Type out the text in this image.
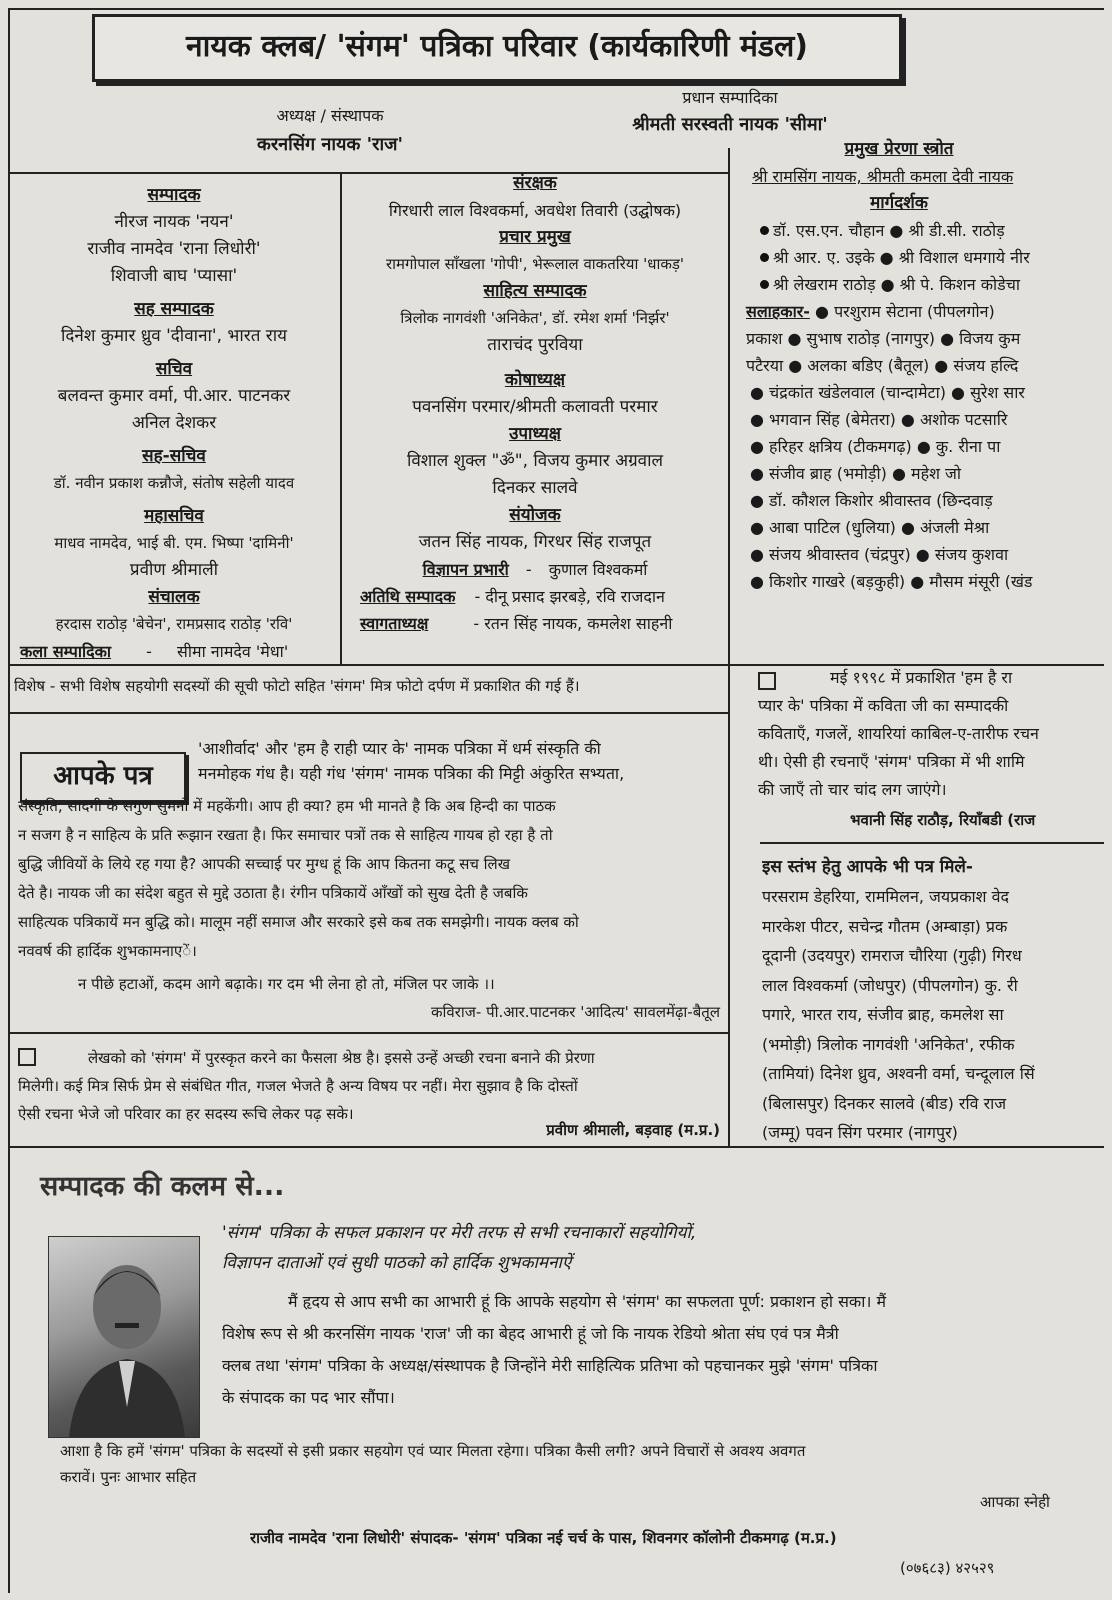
नायक क्लब/ 'संगम' पत्रिका परिवार (कार्यकारिणी मंडल)
अध्यक्ष / संस्थापक
करनसिंग नायक 'राज'
प्रधान सम्पादिका
श्रीमती सरस्वती नायक 'सीमा'
सम्पादक
नीरज नायक 'नयन'
राजीव नामदेव 'राना लिधोरी'
शिवाजी बाघ 'प्यासा'
सह सम्पादक
दिनेश कुमार ध्रुव 'दीवाना', भारत राय
सचिव
बलवन्त कुमार वर्मा, पी.आर. पाटनकर
अनिल देशकर
सह-सचिव
डॉ. नवीन प्रकाश कन्नौजे, संतोष सहेली यादव
महासचिव
माधव नामदेव, भाई बी. एम. भिष्पा 'दामिनी'
प्रवीण श्रीमाली
संचालक
हरदास राठोड़ 'बेचेन', रामप्रसाद राठोड़ 'रवि'
कला सम्पादिका - सीमा नामदेव 'मेधा'
संरक्षक
गिरधारी लाल विश्वकर्मा, अवधेश तिवारी (उद्घोषक)
प्रचार प्रमुख
रामगोपाल साँखला 'गोपी', भेरूलाल वाकतरिया 'धाकड़'
साहित्य सम्पादक
त्रिलोक नागवंशी 'अनिकेत', डॉ. रमेश शर्मा 'निर्झर'
ताराचंद पुरविया
कोषाध्यक्ष
पवनसिंग परमार/श्रीमती कलावती परमार
उपाध्यक्ष
विशाल शुक्ल "ॐ", विजय कुमार अग्रवाल
दिनकर सालवे
संयोजक
जतन सिंह नायक, गिरधर सिंह राजपूत
विज्ञापन प्रभारी - कुणाल विश्वकर्मा
अतिथि सम्पादक - दीनू प्रसाद झरबड़े, रवि राजदान
स्वागताध्यक्ष	- रतन सिंह नायक, कमलेश साहनी
प्रमुख प्रेरणा स्त्रोत
श्री रामसिंग नायक, श्रीमती कमला देवी नायक
मार्गदर्शक
डॉ. एस.एन. चौहान ● श्री डी.सी. राठोड़
श्री आर. ए. उइके ● श्री विशाल धमगाये नीर
श्री लेखराम राठोड़ ● श्री पे. किशन कोडेचा
सलाहकार- ● परशुराम सेटाना (पीपलगोन)
प्रकाश ● सुभाष राठोड़ (नागपुर) ● विजय कुम
पटैरया ● अलका बडिए (बैतूल) ● संजय हल्दि
● चंद्रकांत खंडेलवाल (चान्दामेटा) ● सुरेश सार
● भगवान सिंह (बेमेतरा) ● अशोक पटसारि
● हरिहर क्षत्रिय (टीकमगढ़) ● कु. रीना पा
● संजीव ब्राह (भमोड़ी) ● महेश जो
● डॉ. कौशल किशोर श्रीवास्तव (छिन्दवाड़
● आबा पाटिल (धुलिया) ● अंजली मेश्रा
● संजय श्रीवास्तव (चंद्रपुर) ● संजय कुशवा
● किशोर गाखरे (बड़कुही) ● मौसम मंसूरी (खंड
विशेष - सभी विशेष सहयोगी सदस्यों की सूची फोटो सहित 'संगम' मित्र फोटो दर्पण में प्रकाशित की गई हैं।
आपके पत्र

'आशीर्वाद' और 'हम है राही प्यार के' नामक पत्रिका में धर्म संस्कृति की

मनमोहक गंध है। यही गंध 'संगम' नामक पत्रिका की मिट्टी अंकुरित सभ्यता,

संस्कृति, सादगी के सगुण सुमनों में महकेंगी। आप ही क्या? हम भी मानते है कि अब हिन्दी का पाठक

न सजग है न साहित्य के प्रति रूझान रखता है। फिर समाचार पत्रों तक से साहित्य गायब हो रहा है तो

बुद्धि जीवियों के लिये रह गया है? आपकी सच्चाई पर मुग्ध हूं कि आप कितना कटू सच लिख

देते है। नायक जी का संदेश बहुत से मुद्दे उठाता है। रंगीन पत्रिकायें आँखों को सुख देती है जबकि

साहित्यक पत्रिकायें मन बुद्धि को। मालूम नहीं समाज और सरकारे इसे कब तक समझेगी। नायक क्लब को

नववर्ष की हार्दिक शुभकामनाएें।

न पीछे हटाओं, कदम आगे बढ़ाके। गर दम भी लेना हो तो, मंजिल पर जाके ।।

कविराज- पी.आर.पाटनकर 'आदित्य' सावलमेंढ़ा-बैतूल

लेखको को 'संगम' में पुरस्कृत करने का फैसला श्रेष्ठ है। इससे उन्हें अच्छी रचना बनाने की प्रेरणा

मिलेगी। कई मित्र सिर्फ प्रेम से संबंधित गीत, गजल भेजते है अन्य विषय पर नहीं। मेरा सुझाव है कि दोस्तों

ऐसी रचना भेजे जो परिवार का हर सदस्य रूचि लेकर पढ़ सके।

प्रवीण श्रीमाली, बड़वाह (म.प्र.)

मई १९९८ में प्रकाशित 'हम है रा

प्यार के' पत्रिका में कविता जी का सम्पादकी

कविताएँ, गजलें, शायरियां काबिल-ए-तारीफ रचन

थी। ऐसी ही रचनाएँ 'संगम' पत्रिका में भी शामि

की जाएँ तो चार चांद लग जाएंगे।

भवानी सिंह राठौड़, रियाँबडी (राज
इस स्तंभ हेतु आपके भी पत्र मिले-

परसराम डेहरिया, राममिलन, जयप्रकाश वेद

मारकेश पीटर, सचेन्द्र गौतम (अम्बाड़ा) प्रक

दूदानी (उदयपुर) रामराज चौरिया (गुढ़ी) गिरध

लाल विश्वकर्मा (जोधपुर) (पीपलगोन) कु. री

पगारे, भारत राय, संजीव ब्राह, कमलेश सा

(भमोड़ी) त्रिलोक नागवंशी 'अनिकेत', रफीक

(तामियां) दिनेश ध्रुव, अश्वनी वर्मा, चन्दूलाल सिं

(बिलासपुर) दिनकर सालवे (बीड) रवि राज

(जम्मू) पवन सिंग परमार (नागपुर)

सम्पादक की कलम से...

'संगम' पत्रिका के सफल प्रकाशन पर मेरी तरफ से सभी रचनाकारों सहयोगियों,

विज्ञापन दाताओं एवं सुधी पाठको को हार्दिक शुभकामनाऐं

मैं हृदय से आप सभी का आभारी हूं कि आपके सहयोग से 'संगम' का सफलता पूर्ण: प्रकाशन हो सका। मैं

विशेष रूप से श्री करनसिंग नायक 'राज' जी का बेहद आभारी हूं जो कि नायक रेडियो श्रोता संघ एवं पत्र मैत्री

क्लब तथा 'संगम' पत्रिका के अध्यक्ष/संस्थापक है जिन्होंने मेरी साहित्यिक प्रतिभा को पहचानकर मुझे 'संगम' पत्रिका

के संपादक का पद भार सौंपा।

आशा है कि हमें 'संगम' पत्रिका के सदस्यों से इसी प्रकार सहयोग एवं प्यार मिलता रहेगा। पत्रिका कैसी लगी? अपने विचारों से अवश्य अवगत

करावें। पुनः आभार सहित

आपका स्नेही
राजीव नामदेव 'राना लिधोरी' संपादक- 'संगम' पत्रिका नई चर्च के पास, शिवनगर कॉलोनी टीकमगढ़ (म.प्र.)
(०७६८३) ४२५२९
